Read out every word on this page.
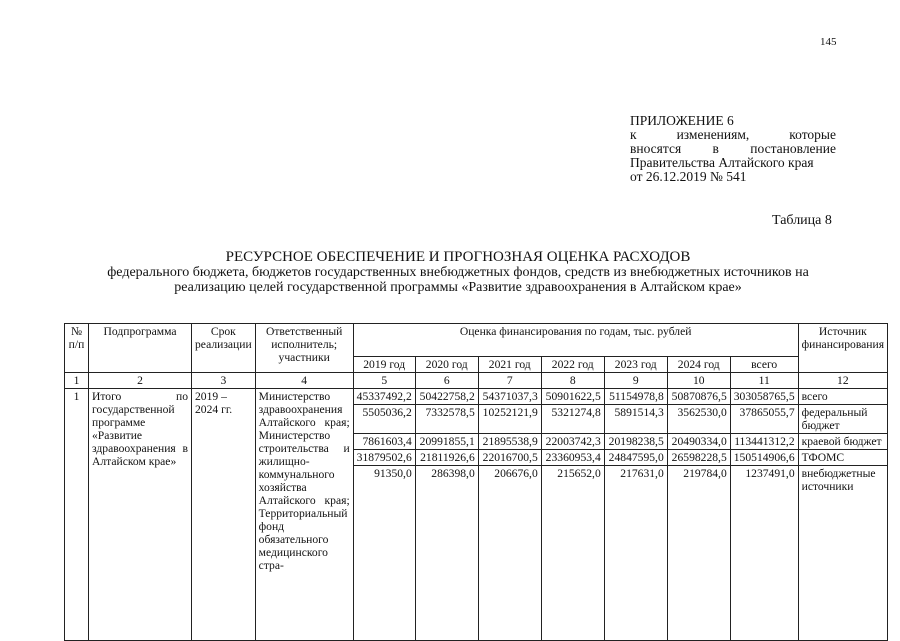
145
ПРИЛОЖЕНИЕ 6
к изменениям, которые
вносятся в постановление
Правительства Алтайского края
от 26.12.2019 № 541
Таблица 8
РЕСУРСНОЕ ОБЕСПЕЧЕНИЕ И ПРОГНОЗНАЯ ОЦЕНКА РАСХОДОВ
федерального бюджета, бюджетов государственных внебюджетных фондов, средств из внебюджетных источников на
реализацию целей государственной программы «Развитие здравоохранения в Алтайском крае»
№ п/п	Подпрограмма	Срок реализации	Ответственный исполнитель; участники	Оценка финансирования по годам, тыс. рублей							Источник финансирования
				2019 год	2020 год	2021 год	2022 год	2023 год	2024 год	всего	
1	2	3	4	5	6	7	8	9	10	11	12
1	Итого по государственной программе «Развитие здравоохранения в Алтайском крае»	2019 – 2024 гг.	Министерство здравоохранения Алтайского края; Министерство строительства и жилищно-коммунального хозяйства Алтайского края; Территориальный фонд обязательного медицинского стра-	45337492,2	50422758,2	54371037,3	50901622,5	51154978,8	50870876,5	303058765,5	всего
				5505036,2	7332578,5	10252121,9	5321274,8	5891514,3	3562530,0	37865055,7	федеральный бюджет
				7861603,4	20991855,1	21895538,9	22003742,3	20198238,5	20490334,0	113441312,2	краевой бюджет
				31879502,6	21811926,6	22016700,5	23360953,4	24847595,0	26598228,5	150514906,6	ТФОМС
				91350,0	286398,0	206676,0	215652,0	217631,0	219784,0	1237491,0	внебюджетные источники
